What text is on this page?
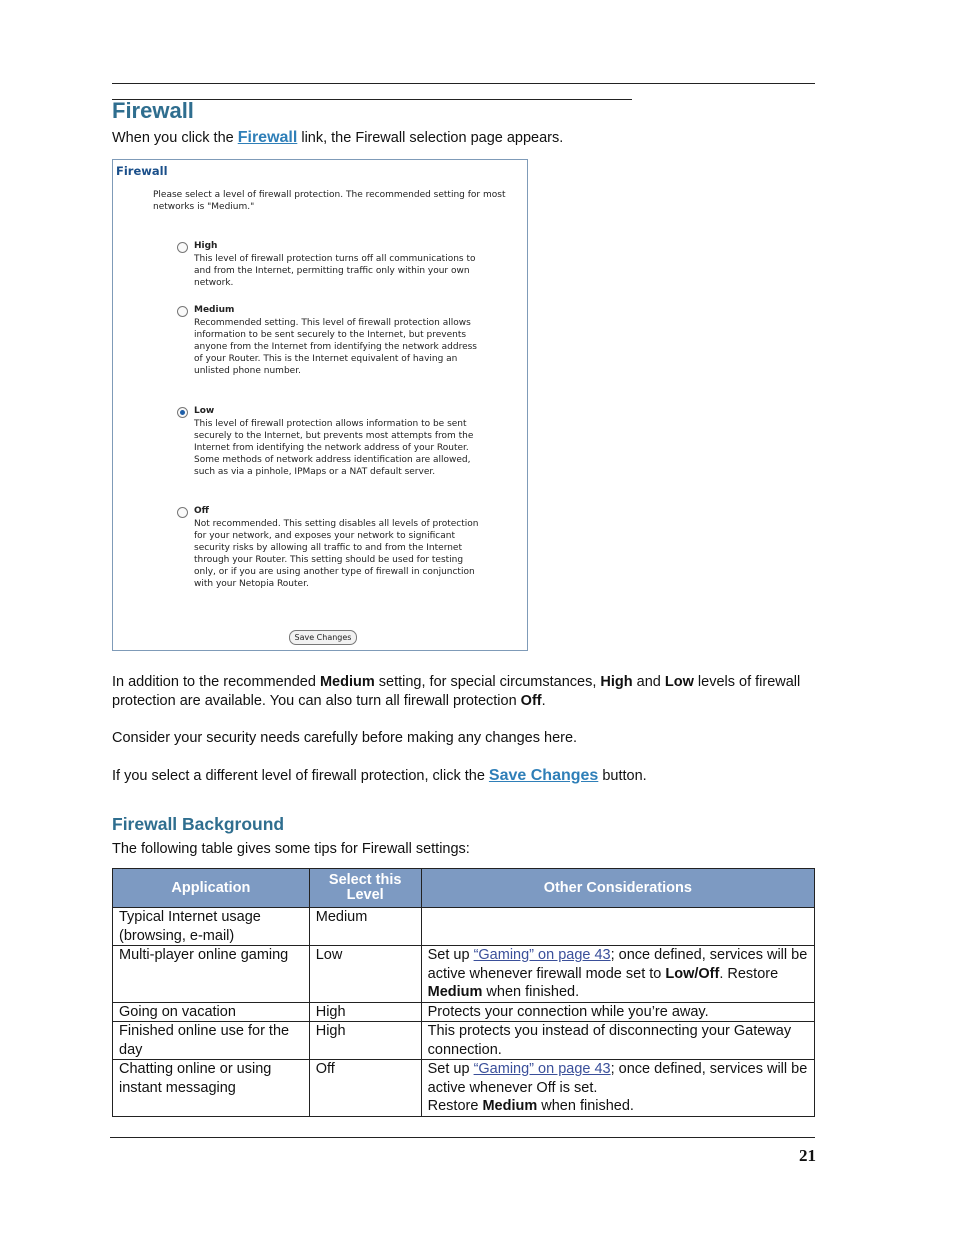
Firewall

When you click the Firewall link, the Firewall selection page appears.

Firewall
Please select a level of firewall protection. The recommended setting for most networks is "Medium."
High
This level of firewall protection turns off all communications to and from the Internet, permitting traffic only within your own network.
Medium
Recommended setting. This level of firewall protection allows information to be sent securely to the Internet, but prevents anyone from the Internet from identifying the network address of your Router. This is the Internet equivalent of having an unlisted phone number.
Low
This level of firewall protection allows information to be sent securely to the Internet, but prevents most attempts from the Internet from identifying the network address of your Router. Some methods of network address identification are allowed, such as via a pinhole, IPMaps or a NAT default server.
Off
Not recommended. This setting disables all levels of protection for your network, and exposes your network to significant security risks by allowing all traffic to and from the Internet through your Router. This setting should be used for testing only, or if you are using another type of firewall in conjunction with your Netopia Router.
Save Changes

In addition to the recommended Medium setting, for special circumstances, High and Low levels of firewall protection are available. You can also turn all firewall protection Off.

Consider your security needs carefully before making any changes here.

If you select a different level of firewall protection, click the Save Changes button.

Firewall Background

The following table gives some tips for Firewall settings:

Application	Select this Level	Other Considerations
Typical Internet usage (browsing, e-mail)	Medium	
Multi-player online gaming	Low	Set up “Gaming” on page 43; once defined, services will be active whenever firewall mode set to Low/Off. Restore Medium when finished.
Going on vacation	High	Protects your connection while you’re away.
Finished online use for the day	High	This protects you instead of disconnecting your Gateway connection.
Chatting online or using instant messaging	Off	Set up “Gaming” on page 43; once defined, services will be active whenever Off is set.
Restore Medium when finished.
21
